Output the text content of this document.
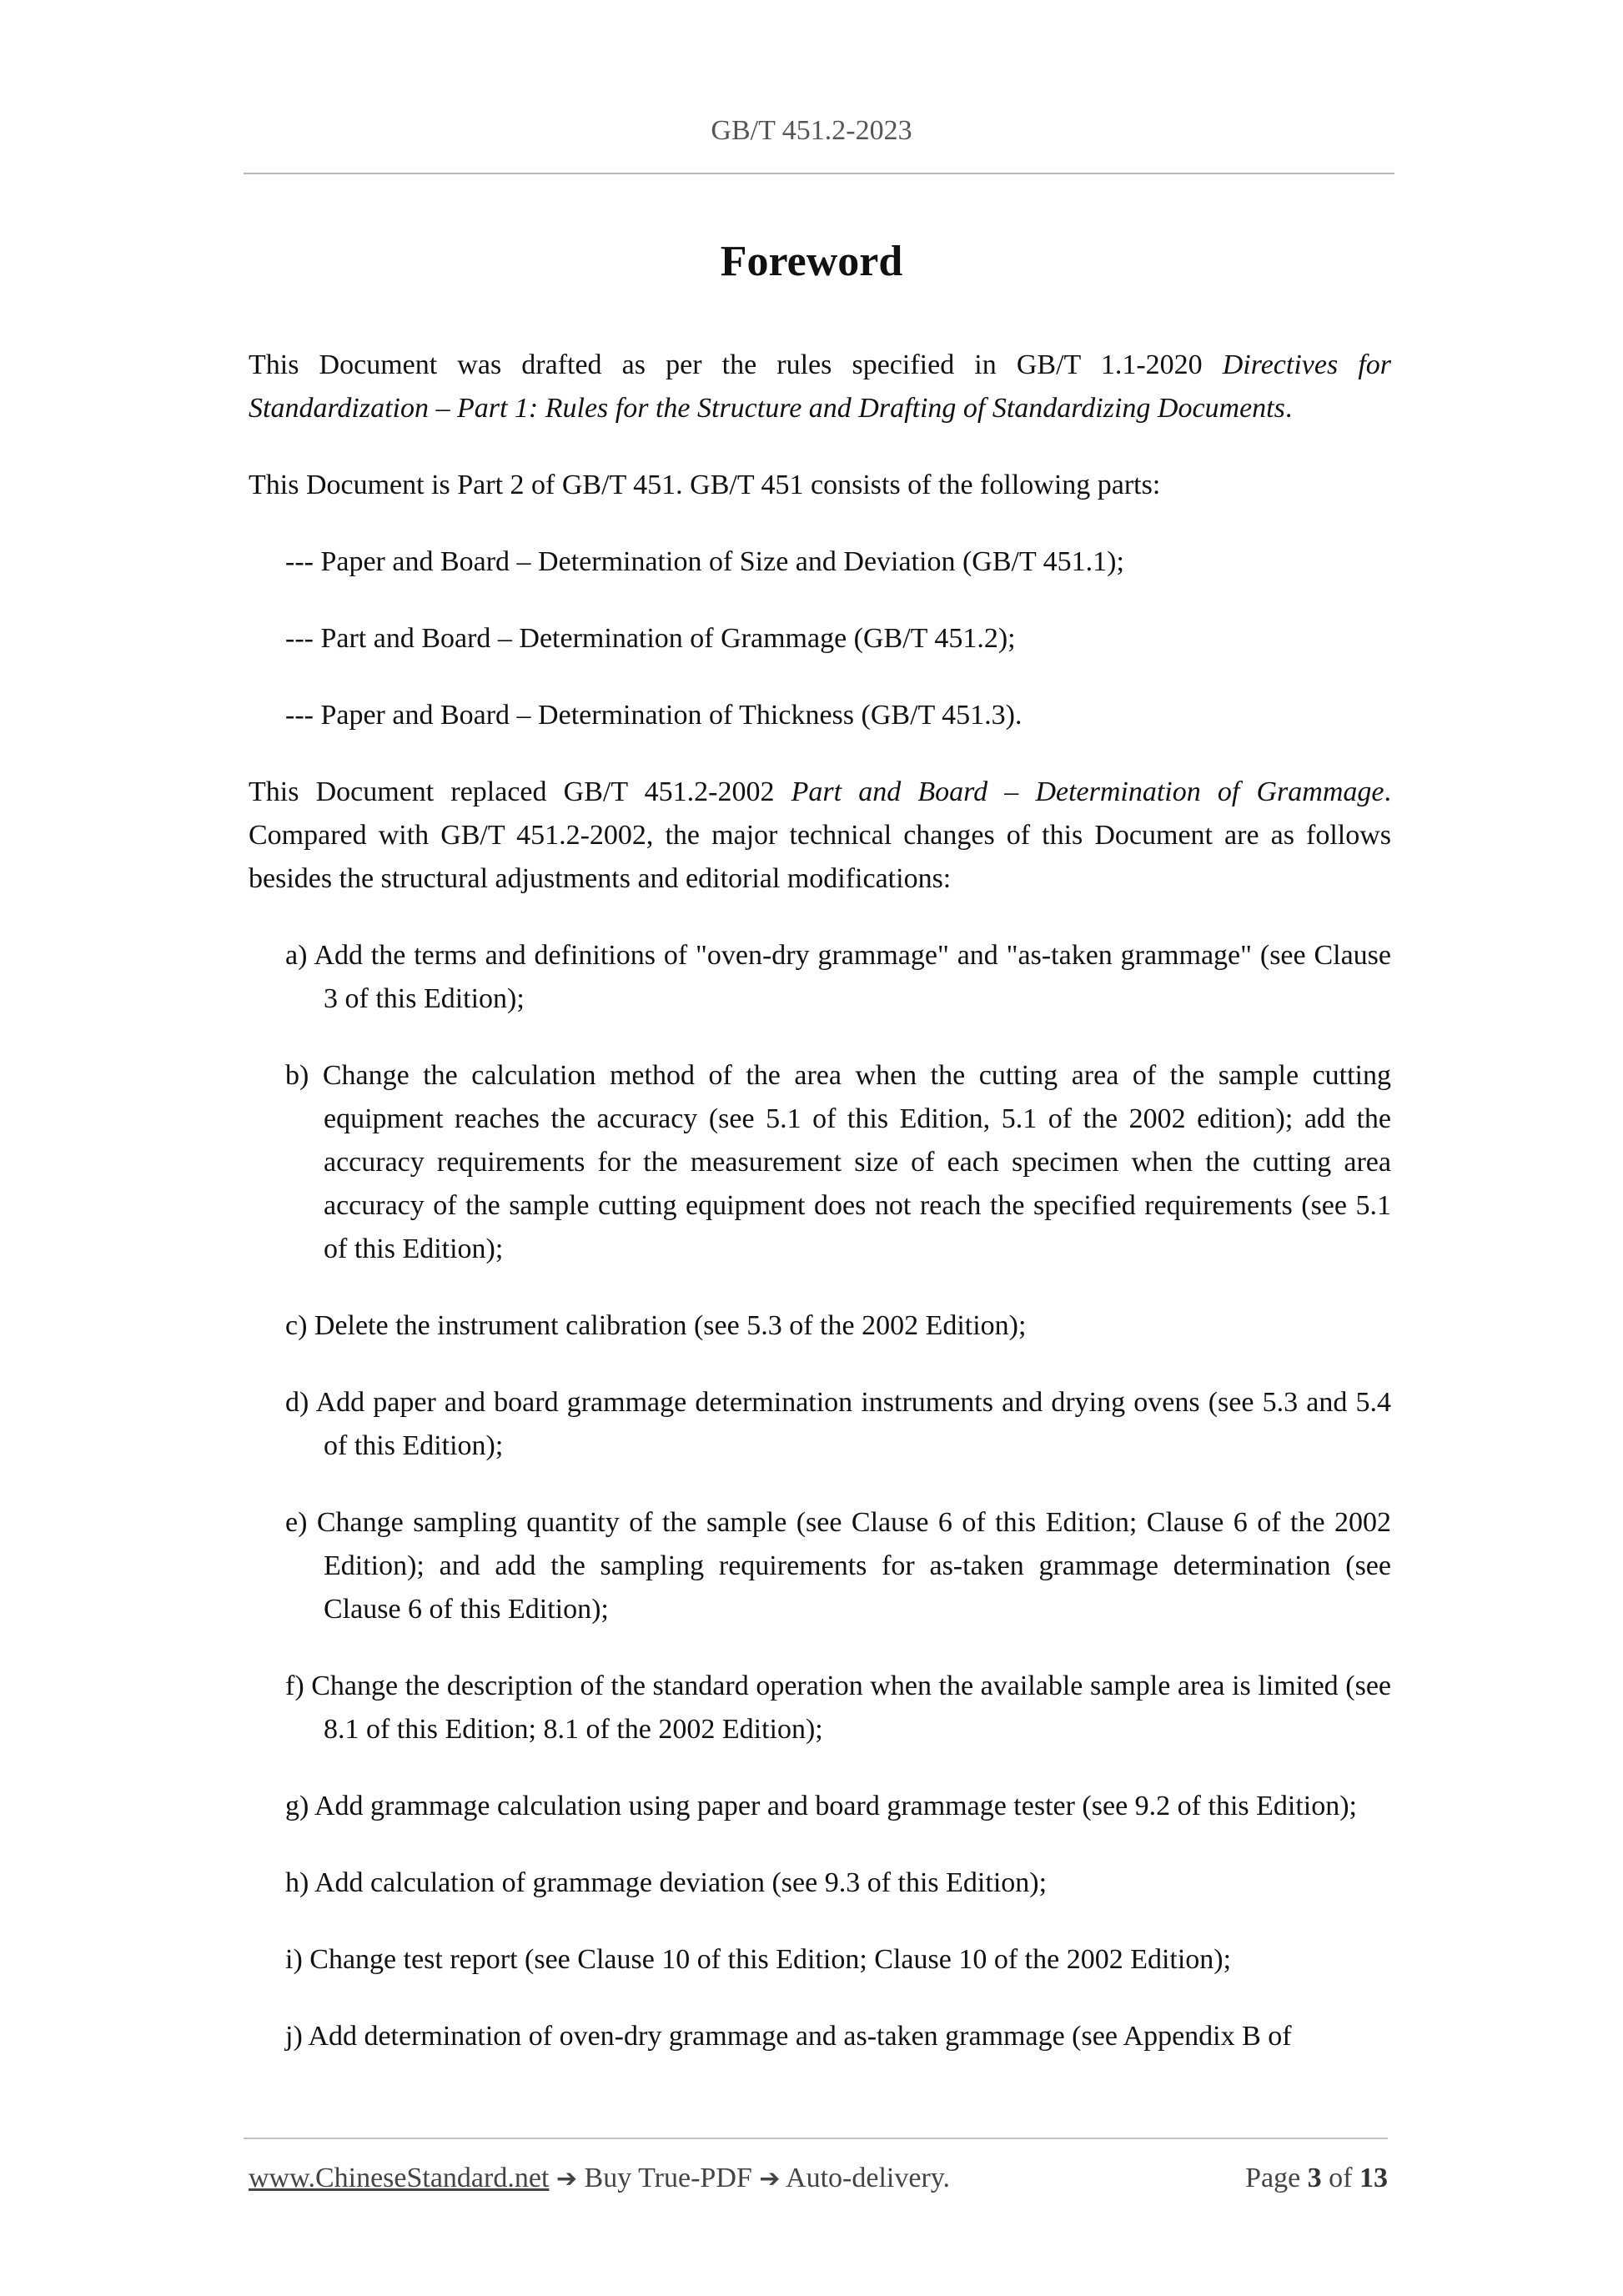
GB/T 451.2-2023
Foreword

This Document was drafted as per the rules specified in GB/T 1.1-2020 Directives for Standardization – Part 1: Rules for the Structure and Drafting of Standardizing Documents.

This Document is Part 2 of GB/T 451. GB/T 451 consists of the following parts:

--- Paper and Board – Determination of Size and Deviation (GB/T 451.1);

--- Part and Board – Determination of Grammage (GB/T 451.2);

--- Paper and Board – Determination of Thickness (GB/T 451.3).

This Document replaced GB/T 451.2-2002 Part and Board – Determination of Grammage. Compared with GB/T 451.2-2002, the major technical changes of this Document are as follows besides the structural adjustments and editorial modifications:

a) Add the terms and definitions of "oven-dry grammage" and "as-taken grammage" (see Clause 3 of this Edition);

b) Change the calculation method of the area when the cutting area of the sample cutting equipment reaches the accuracy (see 5.1 of this Edition, 5.1 of the 2002 edition); add the accuracy requirements for the measurement size of each specimen when the cutting area accuracy of the sample cutting equipment does not reach the specified requirements (see 5.1 of this Edition);

c) Delete the instrument calibration (see 5.3 of the 2002 Edition);

d) Add paper and board grammage determination instruments and drying ovens (see 5.3 and 5.4 of this Edition);

e) Change sampling quantity of the sample (see Clause 6 of this Edition; Clause 6 of the 2002 Edition); and add the sampling requirements for as-taken grammage determination (see Clause 6 of this Edition);

f) Change the description of the standard operation when the available sample area is limited (see 8.1 of this Edition; 8.1 of the 2002 Edition);

g) Add grammage calculation using paper and board grammage tester (see 9.2 of this Edition);

h) Add calculation of grammage deviation (see 9.3 of this Edition);

i) Change test report (see Clause 10 of this Edition; Clause 10 of the 2002 Edition);

j) Add determination of oven-dry grammage and as-taken grammage (see Appendix B of

www.ChineseStandard.net ➔ Buy True-PDF ➔ Auto-delivery.	Page 3 of 13
